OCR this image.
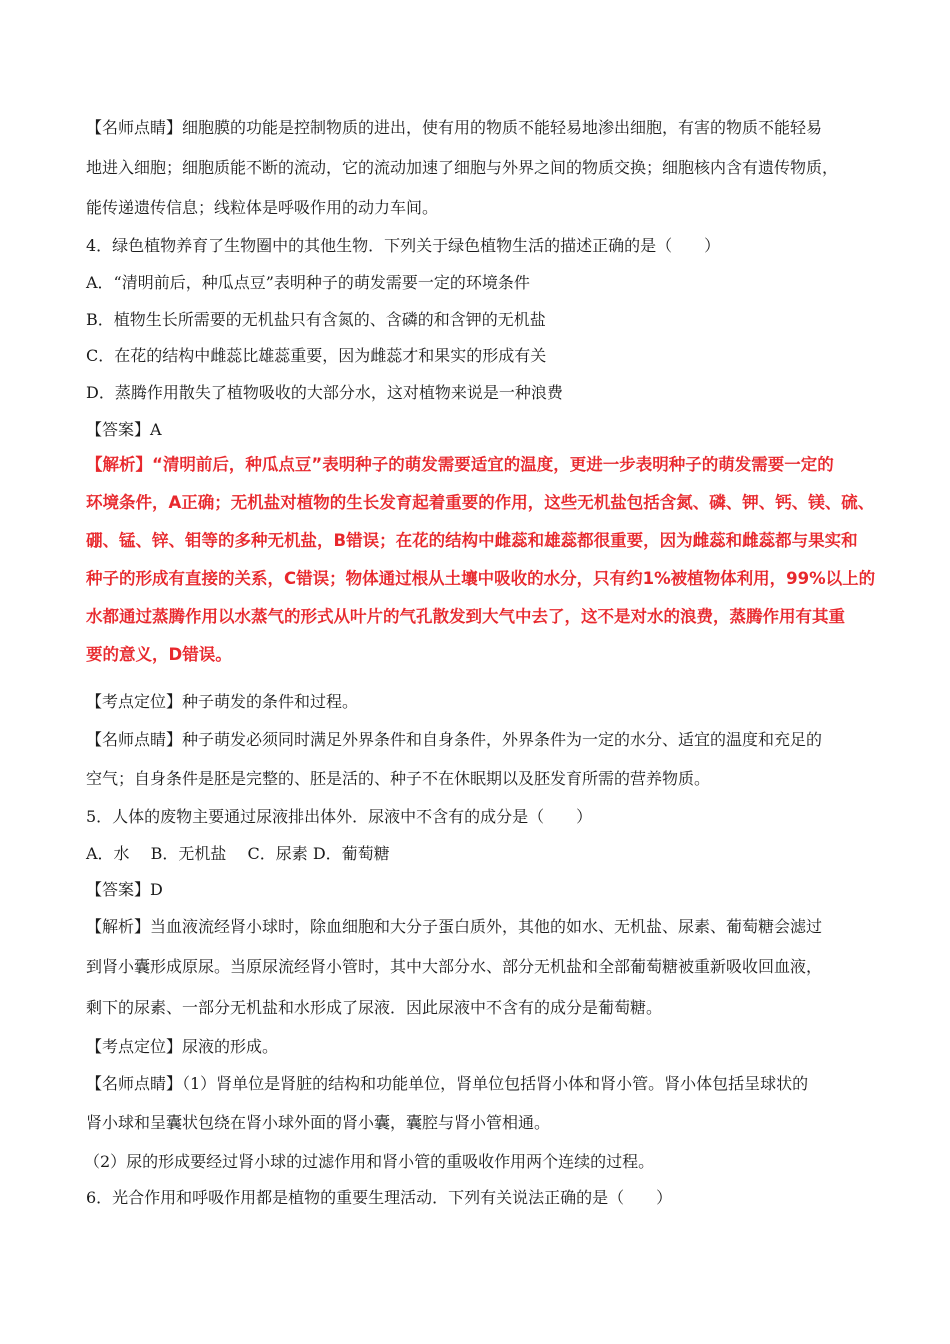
【名师点睛】细胞膜的功能是控制物质的进出，使有用的物质不能轻易地渗出细胞，有害的物质不能轻易
地进入细胞；细胞质能不断的流动，它的流动加速了细胞与外界之间的物质交换；细胞核内含有遗传物质，
能传递遗传信息；线粒体是呼吸作用的动力车间。
4．绿色植物养育了生物圈中的其他生物．下列关于绿色植物生活的描述正确的是（　　）
A．“清明前后，种瓜点豆”表明种子的萌发需要一定的环境条件
B．植物生长所需要的无机盐只有含氮的、含磷的和含钾的无机盐
C．在花的结构中雌蕊比雄蕊重要，因为雌蕊才和果实的形成有关
D．蒸腾作用散失了植物吸收的大部分水，这对植物来说是一种浪费
【答案】A
【解析】“清明前后，种瓜点豆”表明种子的萌发需要适宜的温度，更进一步表明种子的萌发需要一定的
环境条件，A正确；无机盐对植物的生长发育起着重要的作用，这些无机盐包括含氮、磷、钾、钙、镁、硫、
硼、锰、锌、钼等的多种无机盐，B错误；在花的结构中雌蕊和雄蕊都很重要，因为雌蕊和雌蕊都与果实和
种子的形成有直接的关系，C错误；物体通过根从土壤中吸收的水分，只有约1%被植物体利用，99%以上的
水都通过蒸腾作用以水蒸气的形式从叶片的气孔散发到大气中去了，这不是对水的浪费，蒸腾作用有其重
要的意义，D错误。
【考点定位】种子萌发的条件和过程。
【名师点睛】种子萌发必须同时满足外界条件和自身条件，外界条件为一定的水分、适宜的温度和充足的
空气；自身条件是胚是完整的、胚是活的、种子不在休眠期以及胚发育所需的营养物质。
5．人体的废物主要通过尿液排出体外．尿液中不含有的成分是（　　）
A．水　 B．无机盐　 C．尿素 D．葡萄糖
【答案】D
【解析】当血液流经肾小球时，除血细胞和大分子蛋白质外，其他的如水、无机盐、尿素、葡萄糖会滤过
到肾小囊形成原尿。当原尿流经肾小管时，其中大部分水、部分无机盐和全部葡萄糖被重新吸收回血液，
剩下的尿素、一部分无机盐和水形成了尿液．因此尿液中不含有的成分是葡萄糖。
【考点定位】尿液的形成。
【名师点睛】（1）肾单位是肾脏的结构和功能单位，肾单位包括肾小体和肾小管。肾小体包括呈球状的
肾小球和呈囊状包绕在肾小球外面的肾小囊，囊腔与肾小管相通。
（2）尿的形成要经过肾小球的过滤作用和肾小管的重吸收作用两个连续的过程。
6．光合作用和呼吸作用都是植物的重要生理活动．下列有关说法正确的是（　　）
